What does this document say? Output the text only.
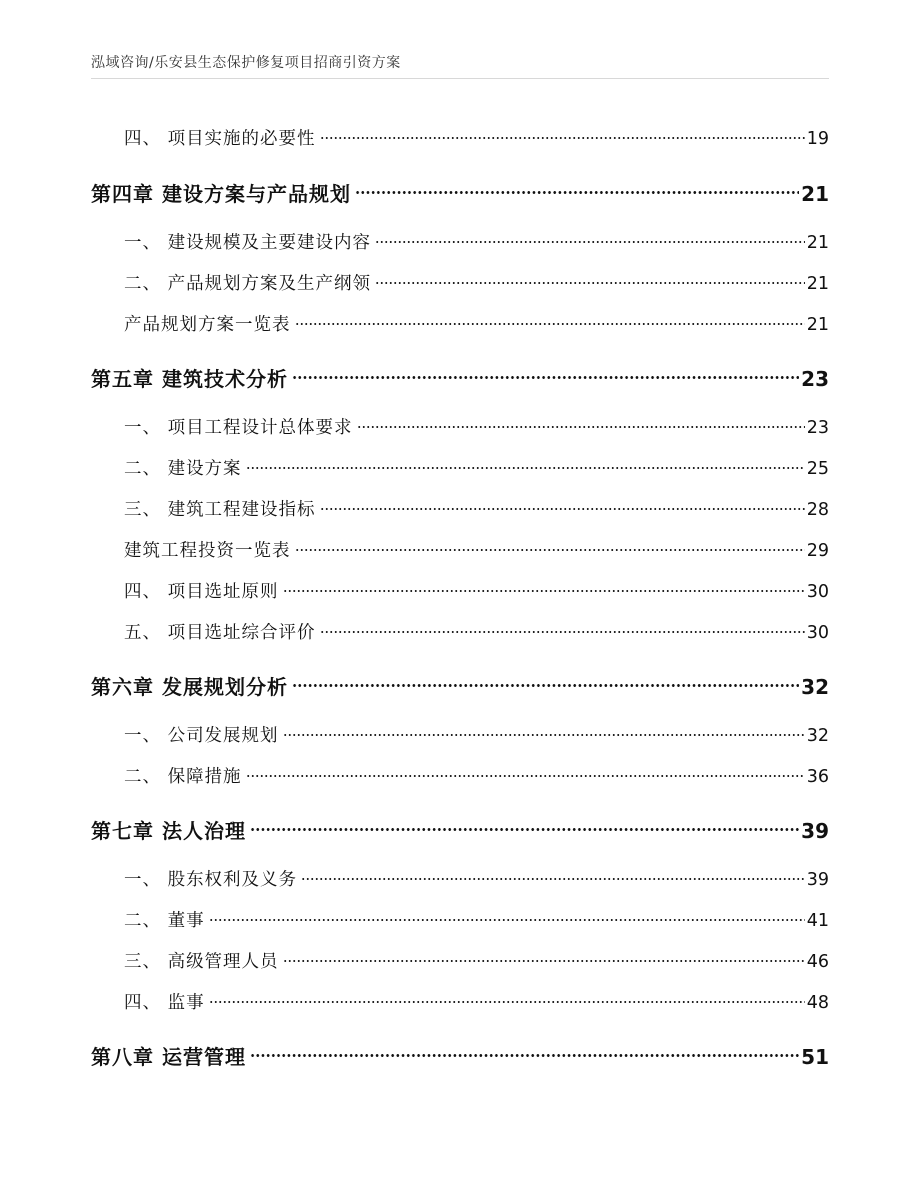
泓域咨询/乐安县生态保护修复项目招商引资方案
四、 项目实施的必要性	19
第四章 建设方案与产品规划	21
一、 建设规模及主要建设内容	21
二、 产品规划方案及生产纲领	21
产品规划方案一览表	21
第五章 建筑技术分析	23
一、 项目工程设计总体要求	23
二、 建设方案	25
三、 建筑工程建设指标	28
建筑工程投资一览表	29
四、 项目选址原则	30
五、 项目选址综合评价	30
第六章 发展规划分析	32
一、 公司发展规划	32
二、 保障措施	36
第七章 法人治理	39
一、 股东权利及义务	39
二、 董事	41
三、 高级管理人员	46
四、 监事	48
第八章 运营管理	51
